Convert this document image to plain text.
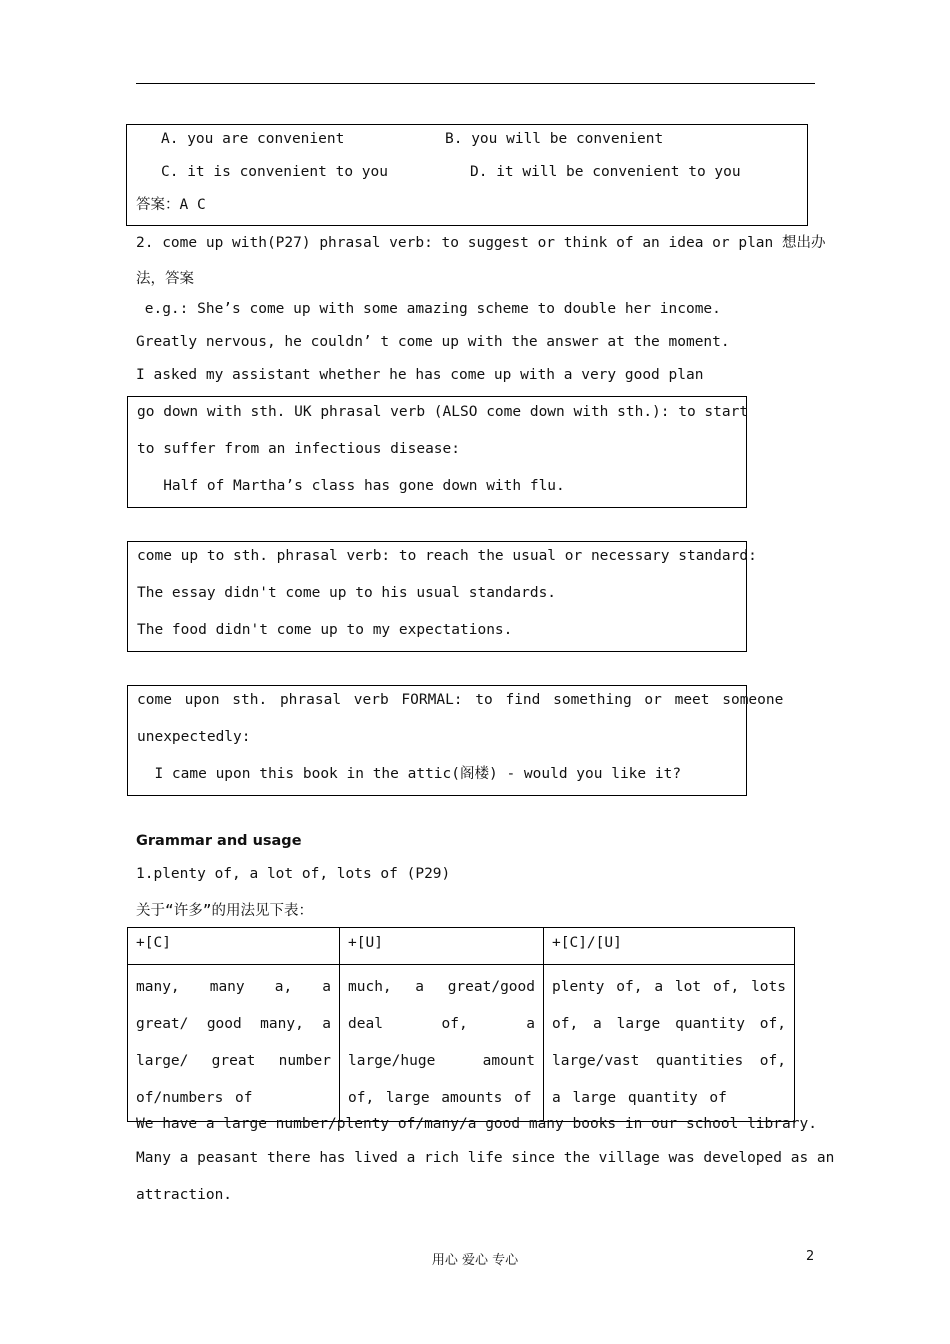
A. you are convenient	B. you will be convenient
C. it is convenient to you	D. it will be convenient to you
答案：A C
2. come up with(P27) phrasal verb: to suggest or think of an idea or plan 想出办
法，答案
e.g.: She’s come up with some amazing scheme to double her income.
Greatly nervous, he couldn’ t come up with the answer at the moment.
I asked my assistant whether he has come up with a very good plan
go down with sth. UK phrasal verb (ALSO come down with sth.): to start
to suffer from an infectious disease:
Half of Martha’s class has gone down with flu.
come up to sth. phrasal verb: to reach the usual or necessary standard:
The essay didn't come up to his usual standards.
The food didn't come up to my expectations.
come upon sth. phrasal verb FORMAL: to find something or meet someone
unexpectedly:
I came upon this book in the attic(阁楼) - would you like it?
Grammar and usage
1.plenty of, a lot of, lots of (P29)
关于“许多”的用法见下表：
+[C]	+[U]	+[C]/[U]
many, many a, a great/ good many, a large/ great number of/numbers of	much, a great/good deal of, a large/huge amount of, large amounts of	plenty of, a lot of, lots of, a large quantity of, large/vast quantities of, a large quantity of
We have a large number/plenty of/many/a good many books in our school library.
Many a peasant there has lived a rich life since the village was developed as an
attraction.
用心 爱心 专心	2
